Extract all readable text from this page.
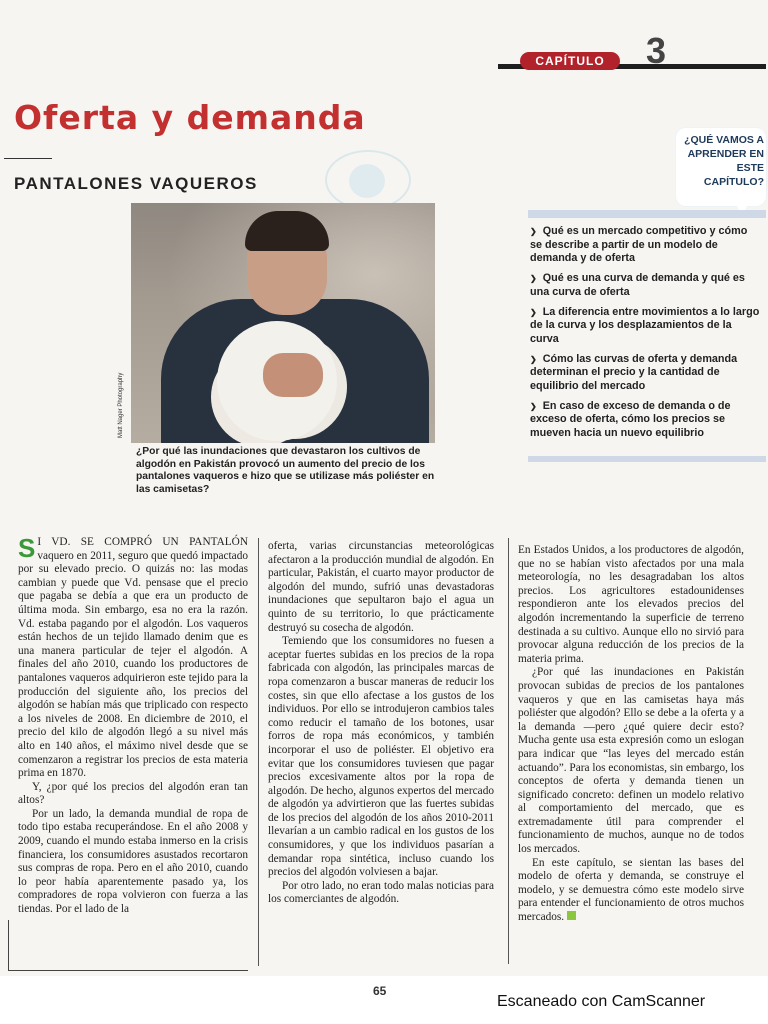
CAPÍTULO	3
Oferta y demanda
PANTALONES VAQUEROS
Matt Nager Photography

¿Por qué las inundaciones que devastaron los cultivos de algodón en Pakistán provocó un aumento del precio de los pantalones vaqueros e hizo que se utilizase más poliéster en las camisetas?

¿QUÉ VAMOS A APRENDER EN ESTE CAPÍTULO?
❯ Qué es un mercado competitivo y cómo se describe a partir de un modelo de demanda y de oferta
❯ Qué es una curva de demanda y qué es una curva de oferta
❯ La diferencia entre movimientos a lo largo de la curva y los desplazamientos de la curva
❯ Cómo las curvas de oferta y demanda determinan el precio y la cantidad de equilibrio del mercado
❯ En caso de exceso de demanda o de exceso de oferta, cómo los precios se mueven hacia un nuevo equilibrio

S I VD. SE COMPRÓ UN PANTALÓN vaquero en 2011, seguro que quedó impactado por su elevado precio. O quizás no: las modas cambian y puede que Vd. pensase que el precio que pagaba se debía a que era un producto de última moda. Sin embargo, esa no era la razón. Vd. estaba pagando por el algodón. Los vaqueros están hechos de un tejido llamado denim que es una manera particular de tejer el algodón. A finales del año 2010, cuando los productores de pantalones vaqueros adquirieron este tejido para la producción del siguiente año, los precios del algodón se habían más que triplicado con respecto a los niveles de 2008. En diciembre de 2010, el precio del kilo de algodón llegó a su nivel más alto en 140 años, el máximo nivel desde que se comenzaron a registrar los precios de esta materia prima en 1870.

Y, ¿por qué los precios del algodón eran tan altos?

Por un lado, la demanda mundial de ropa de todo tipo estaba recuperándose. En el año 2008 y 2009, cuando el mundo estaba inmerso en la crisis financiera, los consumidores asustados recortaron sus compras de ropa. Pero en el año 2010, cuando lo peor había aparentemente pasado ya, los compradores de ropa volvieron con fuerza a las tiendas. Por el lado de la

oferta, varias circunstancias meteorológicas afectaron a la producción mundial de algodón. En particular, Pakistán, el cuarto mayor productor de algodón del mundo, sufrió unas devastadoras inundaciones que sepultaron bajo el agua un quinto de su territorio, lo que prácticamente destruyó su cosecha de algodón.

Temiendo que los consumidores no fuesen a aceptar fuertes subidas en los precios de la ropa fabricada con algodón, las principales marcas de ropa comenzaron a buscar maneras de reducir los costes, sin que ello afectase a los gustos de los individuos. Por ello se introdujeron cambios tales como reducir el tamaño de los botones, usar forros de ropa más económicos, y también incorporar el uso de poliéster. El objetivo era evitar que los consumidores tuviesen que pagar precios excesivamente altos por la ropa de algodón. De hecho, algunos expertos del mercado de algodón ya advirtieron que las fuertes subidas de los precios del algodón de los años 2010-2011 llevarían a un cambio radical en los gustos de los consumidores, y que los individuos pasarían a demandar ropa sintética, incluso cuando los precios del algodón volviesen a bajar.

Por otro lado, no eran todo malas noticias para los comerciantes de algodón.

En Estados Unidos, a los productores de algodón, que no se habían visto afectados por una mala meteorología, no les desagradaban los altos precios. Los agricultores estadounidenses respondieron ante los elevados precios del algodón incrementando la superficie de terreno destinada a su cultivo. Aunque ello no sirvió para provocar alguna reducción de los precios de la materia prima.

¿Por qué las inundaciones en Pakistán provocan subidas de precios de los pantalones vaqueros y que en las camisetas haya más poliéster que algodón? Ello se debe a la oferta y a la demanda —pero ¿qué quiere decir esto? Mucha gente usa esta expresión como un eslogan para indicar que “las leyes del mercado están actuando”. Para los economistas, sin embargo, los conceptos de oferta y demanda tienen un significado concreto: definen un modelo relativo al comportamiento del mercado, que es extremadamente útil para comprender el funcionamiento de muchos, aunque no de todos los mercados.

En este capítulo, se sientan las bases del modelo de oferta y demanda, se construye el modelo, y se demuestra cómo este modelo sirve para entender el funcionamiento de otros muchos mercados.

65
Escaneado con CamScanner
